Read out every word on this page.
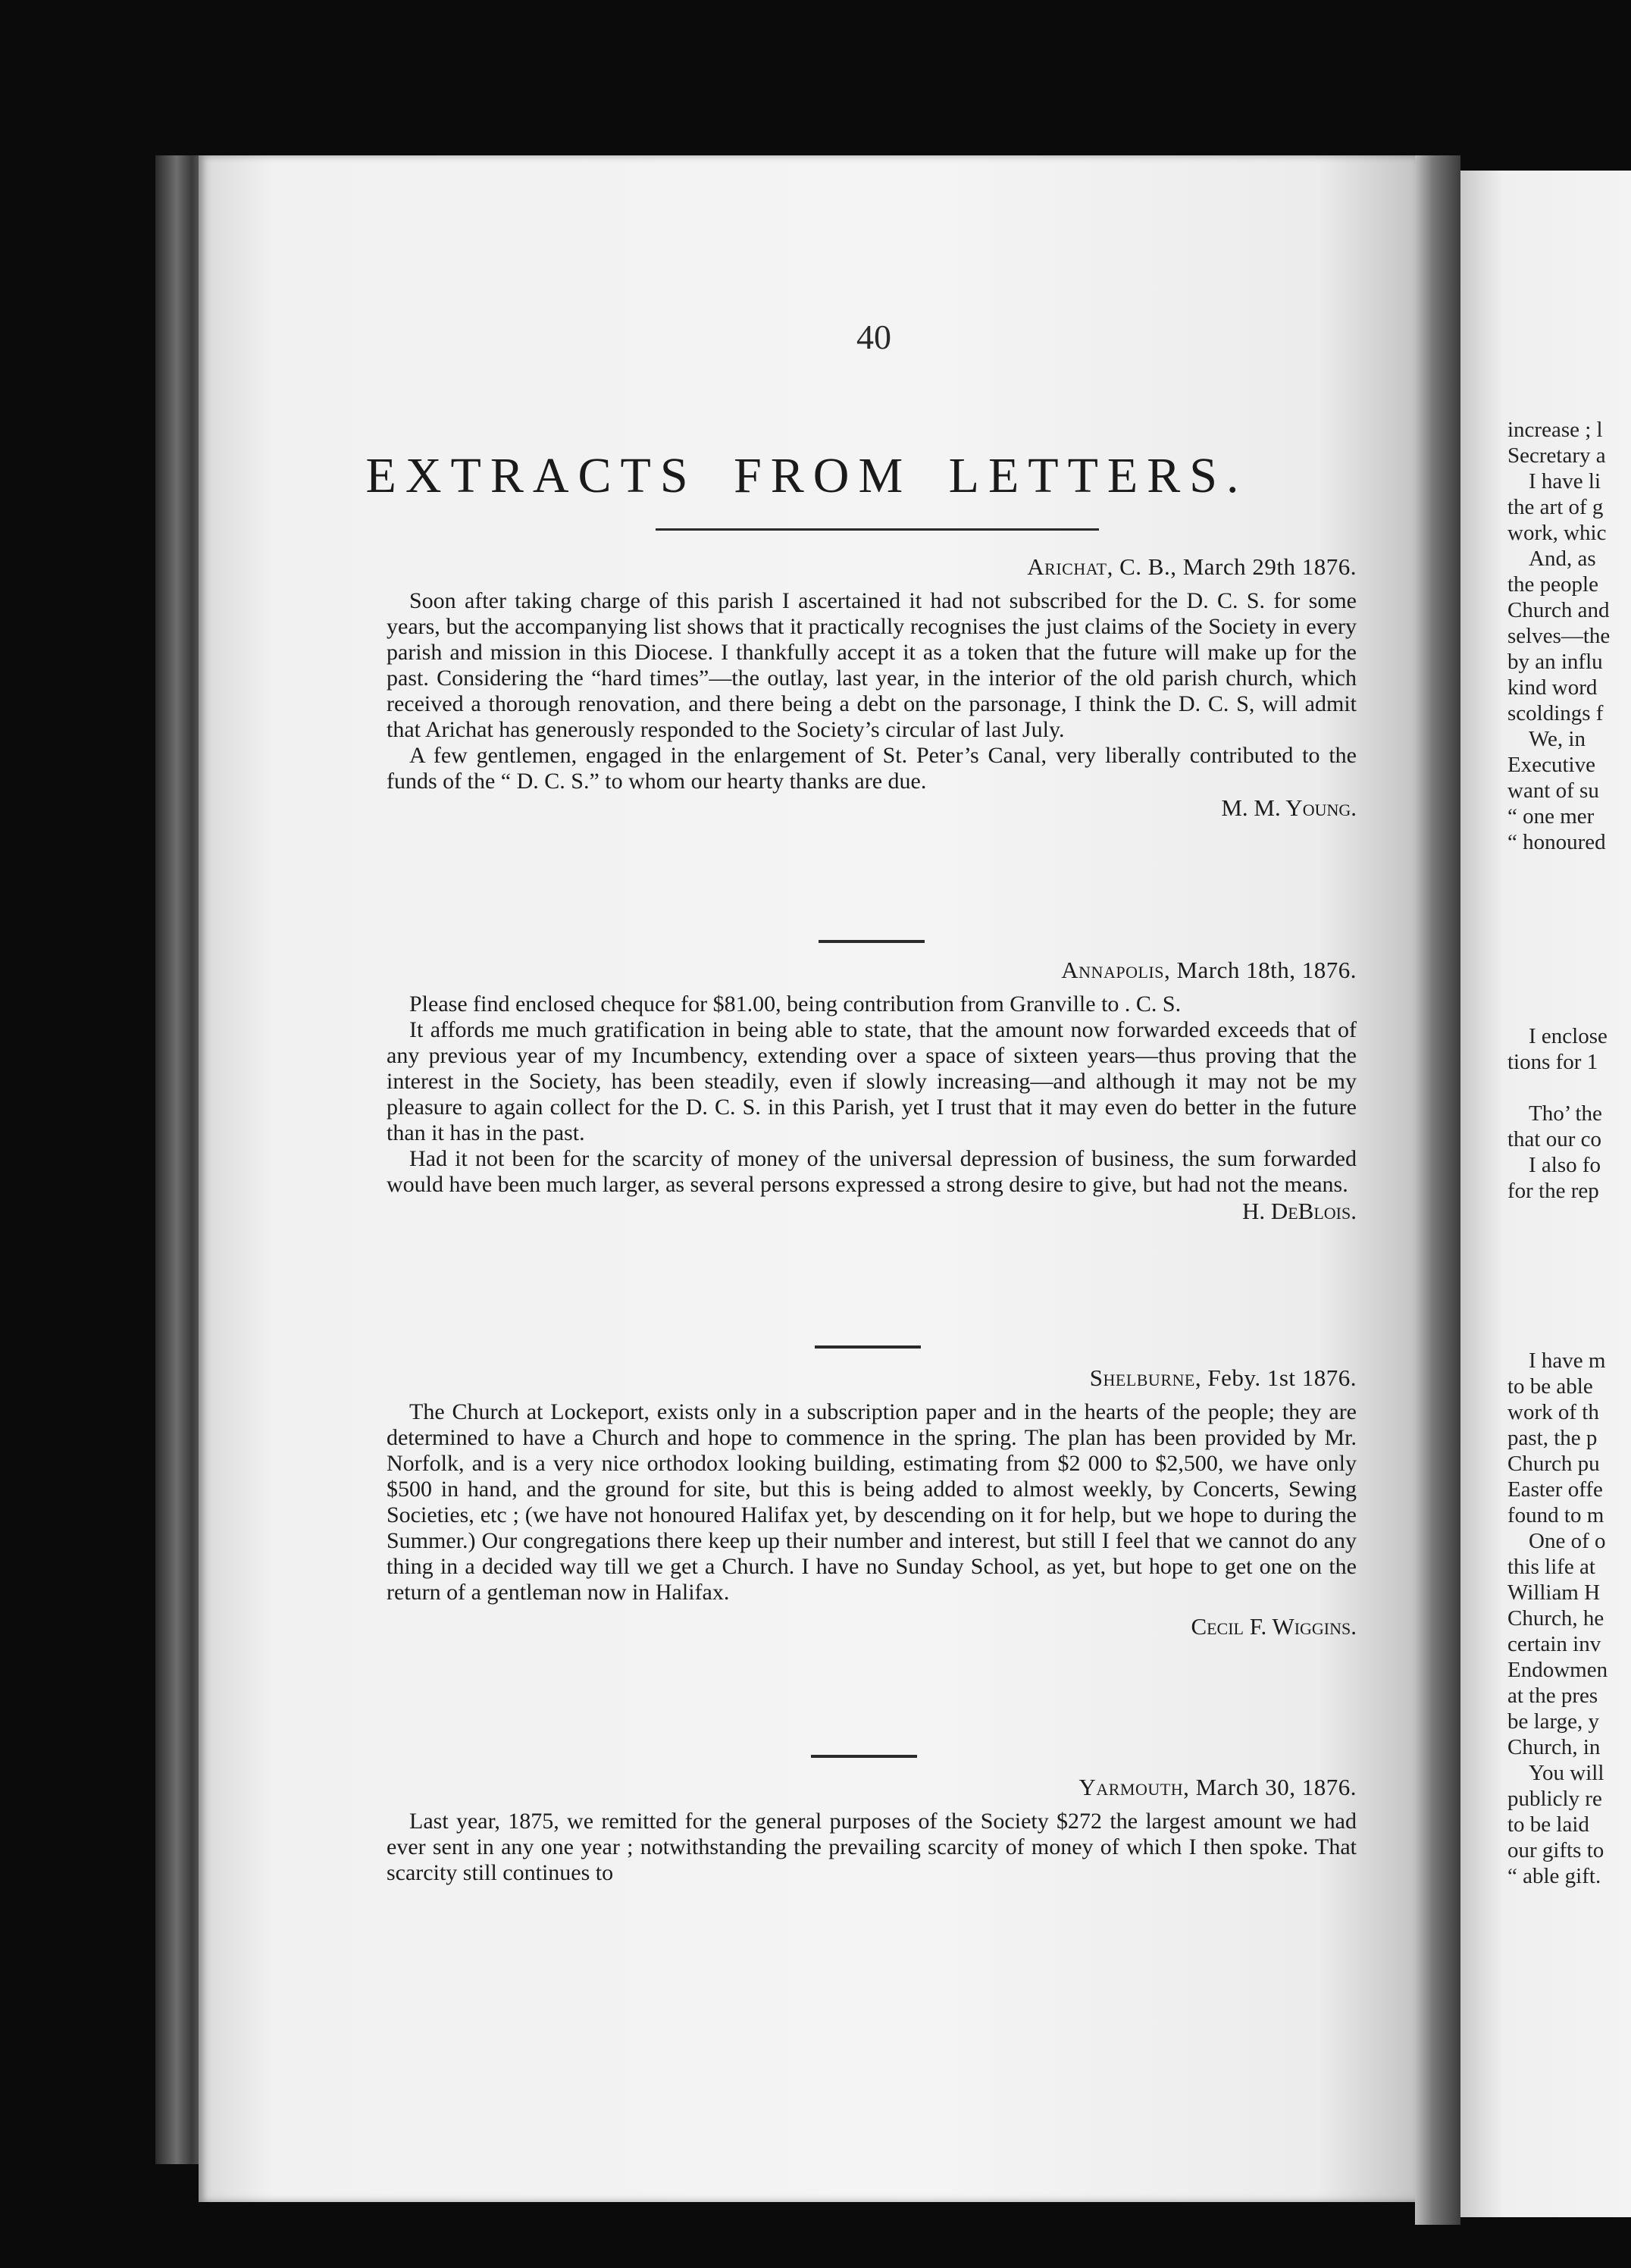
increase ; l
Secretary a
I have li
the art of g
work, whic
And, as
the people
Church and
selves—the
by an influ
kind word
scoldings f
We, in
Executive
want of su
“ one mer
“ honoured
I enclose
tions for 1
Tho’ the
that our co
I also fo
for the rep
I have m
to be able
work of th
past, the p
Church pu
Easter offe
found to m
One of o
this life at
William H
Church, he
certain inv
Endowmen
at the pres
be large, y
Church, in
You will
publicly re
to be laid
our gifts to
“ able gift.
40
EXTRACTS FROM LETTERS.
Arichat, C. B., March 29th 1876.

Soon after taking charge of this parish I ascertained it had not subscribed for the D. C. S. for some years, but the accompanying list shows that it practically recognises the just claims of the Society in every parish and mission in this Diocese. I thankfully accept it as a token that the future will make up for the past. Considering the “hard times”—the outlay, last year, in the interior of the old parish church, which received a thorough renovation, and there being a debt on the parsonage, I think the D. C. S, will admit that Arichat has generously responded to the Society’s circular of last July.

A few gentlemen, engaged in the enlargement of St. Peter’s Canal, very liberally contributed to the funds of the “ D. C. S.” to whom our hearty thanks are due.

M. M. Young.
Annapolis, March 18th, 1876.

Please find enclosed chequce for $81.00, being contribution from Granville to . C. S.

It affords me much gratification in being able to state, that the amount now forwarded exceeds that of any previous year of my Incumbency, extending over a space of sixteen years—thus proving that the interest in the Society, has been steadily, even if slowly increasing—and although it may not be my pleasure to again collect for the D. C. S. in this Parish, yet I trust that it may even do better in the future than it has in the past.

Had it not been for the scarcity of money of the universal depression of business, the sum forwarded would have been much larger, as several persons expressed a strong desire to give, but had not the means.

H. DeBlois.
Shelburne, Feby. 1st 1876.

The Church at Lockeport, exists only in a subscription paper and in the hearts of the people; they are determined to have a Church and hope to commence in the spring. The plan has been provided by Mr. Norfolk, and is a very nice orthodox looking building, estimating from $2 000 to $2,500, we have only $500 in hand, and the ground for site, but this is being added to almost weekly, by Concerts, Sewing Societies, etc ; (we have not honoured Halifax yet, by descending on it for help, but we hope to during the Summer.) Our congregations there keep up their number and interest, but still I feel that we cannot do any thing in a decided way till we get a Church. I have no Sunday School, as yet, but hope to get one on the return of a gentleman now in Halifax.

Cecil F. Wiggins.
Yarmouth, March 30, 1876.

Last year, 1875, we remitted for the general purposes of the Society $272 the largest amount we had ever sent in any one year ; notwithstanding the prevailing scarcity of money of which I then spoke. That scarcity still continues to
